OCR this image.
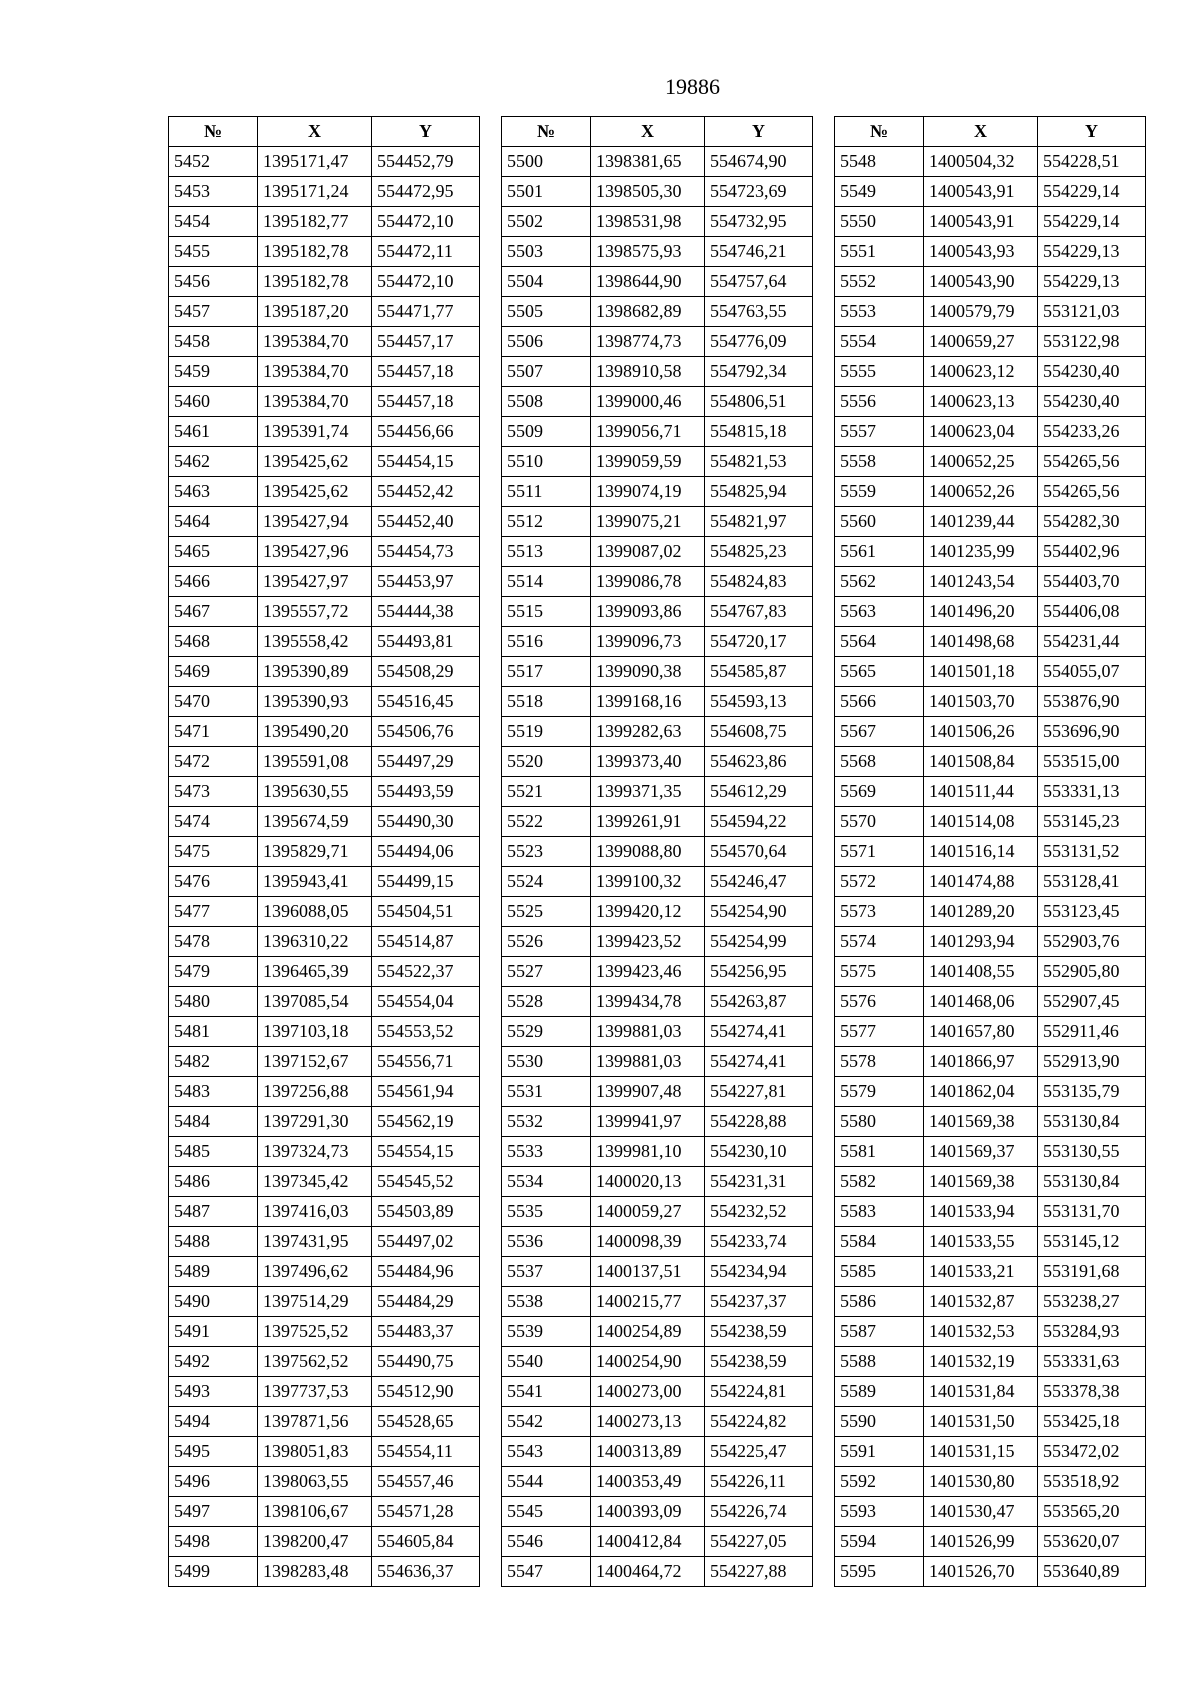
19886
№	X	Y
5452	1395171,47	554452,79
5453	1395171,24	554472,95
5454	1395182,77	554472,10
5455	1395182,78	554472,11
5456	1395182,78	554472,10
5457	1395187,20	554471,77
5458	1395384,70	554457,17
5459	1395384,70	554457,18
5460	1395384,70	554457,18
5461	1395391,74	554456,66
5462	1395425,62	554454,15
5463	1395425,62	554452,42
5464	1395427,94	554452,40
5465	1395427,96	554454,73
5466	1395427,97	554453,97
5467	1395557,72	554444,38
5468	1395558,42	554493,81
5469	1395390,89	554508,29
5470	1395390,93	554516,45
5471	1395490,20	554506,76
5472	1395591,08	554497,29
5473	1395630,55	554493,59
5474	1395674,59	554490,30
5475	1395829,71	554494,06
5476	1395943,41	554499,15
5477	1396088,05	554504,51
5478	1396310,22	554514,87
5479	1396465,39	554522,37
5480	1397085,54	554554,04
5481	1397103,18	554553,52
5482	1397152,67	554556,71
5483	1397256,88	554561,94
5484	1397291,30	554562,19
5485	1397324,73	554554,15
5486	1397345,42	554545,52
5487	1397416,03	554503,89
5488	1397431,95	554497,02
5489	1397496,62	554484,96
5490	1397514,29	554484,29
5491	1397525,52	554483,37
5492	1397562,52	554490,75
5493	1397737,53	554512,90
5494	1397871,56	554528,65
5495	1398051,83	554554,11
5496	1398063,55	554557,46
5497	1398106,67	554571,28
5498	1398200,47	554605,84
5499	1398283,48	554636,37
№	X	Y
5500	1398381,65	554674,90
5501	1398505,30	554723,69
5502	1398531,98	554732,95
5503	1398575,93	554746,21
5504	1398644,90	554757,64
5505	1398682,89	554763,55
5506	1398774,73	554776,09
5507	1398910,58	554792,34
5508	1399000,46	554806,51
5509	1399056,71	554815,18
5510	1399059,59	554821,53
5511	1399074,19	554825,94
5512	1399075,21	554821,97
5513	1399087,02	554825,23
5514	1399086,78	554824,83
5515	1399093,86	554767,83
5516	1399096,73	554720,17
5517	1399090,38	554585,87
5518	1399168,16	554593,13
5519	1399282,63	554608,75
5520	1399373,40	554623,86
5521	1399371,35	554612,29
5522	1399261,91	554594,22
5523	1399088,80	554570,64
5524	1399100,32	554246,47
5525	1399420,12	554254,90
5526	1399423,52	554254,99
5527	1399423,46	554256,95
5528	1399434,78	554263,87
5529	1399881,03	554274,41
5530	1399881,03	554274,41
5531	1399907,48	554227,81
5532	1399941,97	554228,88
5533	1399981,10	554230,10
5534	1400020,13	554231,31
5535	1400059,27	554232,52
5536	1400098,39	554233,74
5537	1400137,51	554234,94
5538	1400215,77	554237,37
5539	1400254,89	554238,59
5540	1400254,90	554238,59
5541	1400273,00	554224,81
5542	1400273,13	554224,82
5543	1400313,89	554225,47
5544	1400353,49	554226,11
5545	1400393,09	554226,74
5546	1400412,84	554227,05
5547	1400464,72	554227,88
№	X	Y
5548	1400504,32	554228,51
5549	1400543,91	554229,14
5550	1400543,91	554229,14
5551	1400543,93	554229,13
5552	1400543,90	554229,13
5553	1400579,79	553121,03
5554	1400659,27	553122,98
5555	1400623,12	554230,40
5556	1400623,13	554230,40
5557	1400623,04	554233,26
5558	1400652,25	554265,56
5559	1400652,26	554265,56
5560	1401239,44	554282,30
5561	1401235,99	554402,96
5562	1401243,54	554403,70
5563	1401496,20	554406,08
5564	1401498,68	554231,44
5565	1401501,18	554055,07
5566	1401503,70	553876,90
5567	1401506,26	553696,90
5568	1401508,84	553515,00
5569	1401511,44	553331,13
5570	1401514,08	553145,23
5571	1401516,14	553131,52
5572	1401474,88	553128,41
5573	1401289,20	553123,45
5574	1401293,94	552903,76
5575	1401408,55	552905,80
5576	1401468,06	552907,45
5577	1401657,80	552911,46
5578	1401866,97	552913,90
5579	1401862,04	553135,79
5580	1401569,38	553130,84
5581	1401569,37	553130,55
5582	1401569,38	553130,84
5583	1401533,94	553131,70
5584	1401533,55	553145,12
5585	1401533,21	553191,68
5586	1401532,87	553238,27
5587	1401532,53	553284,93
5588	1401532,19	553331,63
5589	1401531,84	553378,38
5590	1401531,50	553425,18
5591	1401531,15	553472,02
5592	1401530,80	553518,92
5593	1401530,47	553565,20
5594	1401526,99	553620,07
5595	1401526,70	553640,89
